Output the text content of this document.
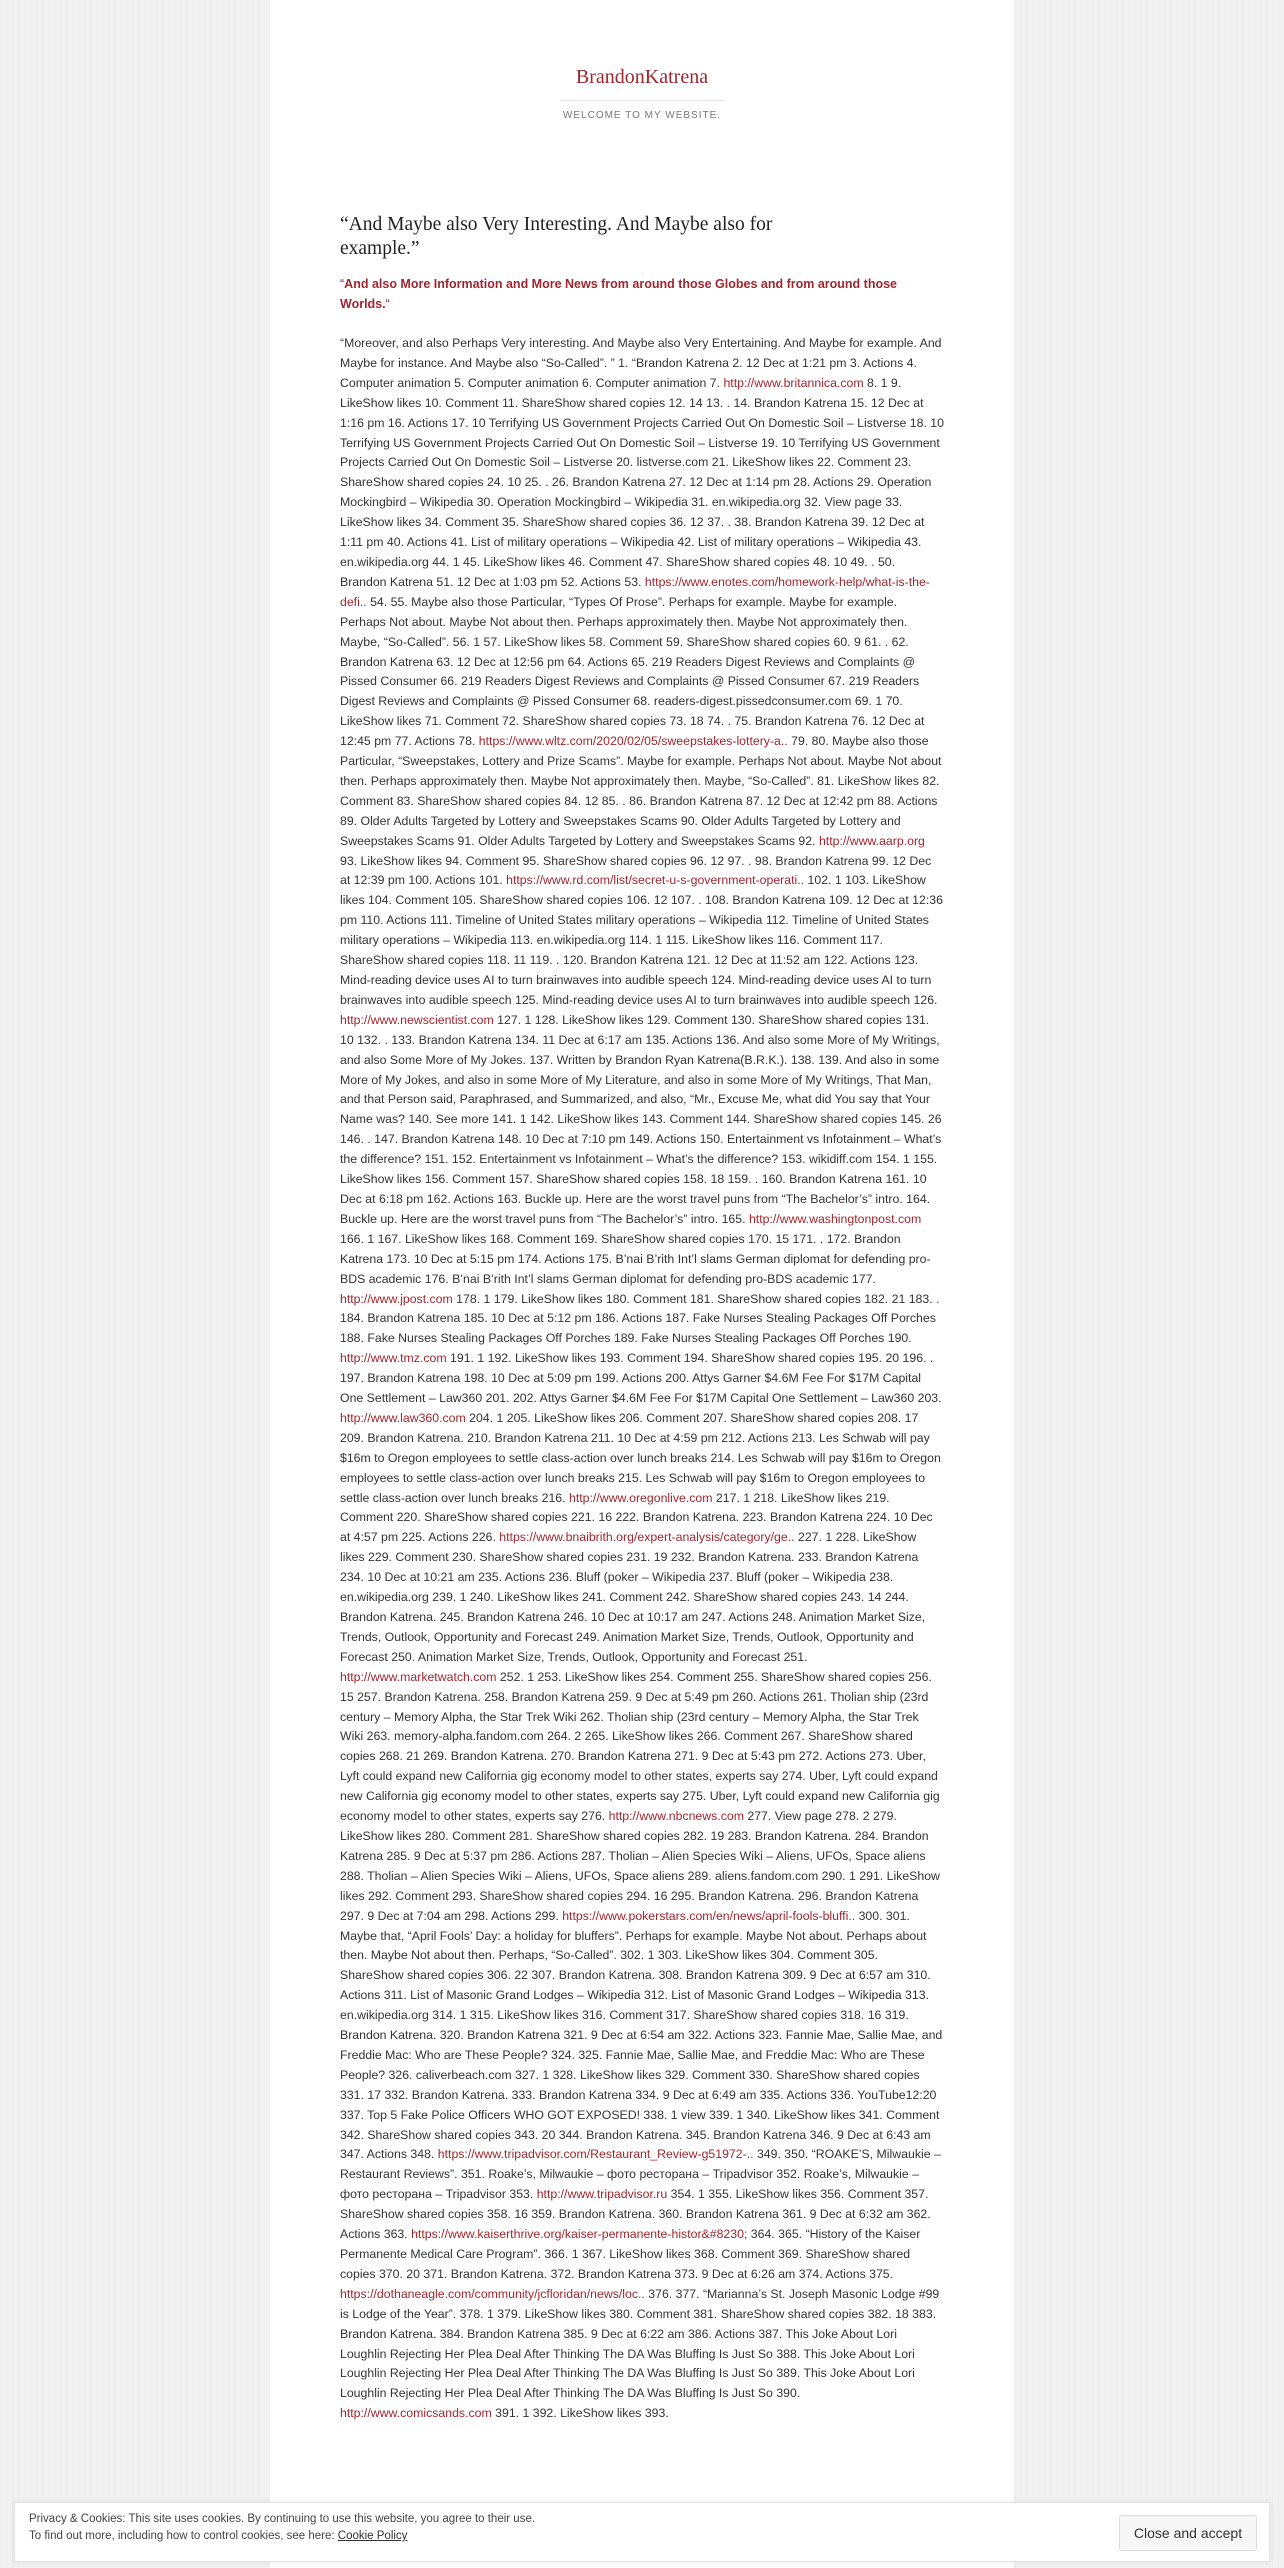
BrandonKatrena
WELCOME TO MY WEBSITE.
“And Maybe also Very Interesting. And Maybe also for example.”
“And also More Information and More News from around those Globes and from around those Worlds.“
“Moreover, and also Perhaps Very interesting. And Maybe also Very Entertaining. And Maybe for example. And Maybe for instance. And Maybe also “So-Called”. ” 1. “Brandon Katrena 2. 12 Dec at 1:21 pm 3. Actions 4. Computer animation 5. Computer animation 6. Computer animation 7. http://www.britannica.com 8. 1 9. LikeShow likes 10. Comment 11. ShareShow shared copies 12. 14 13. . 14. Brandon Katrena 15. 12 Dec at 1:16 pm 16. Actions 17. 10 Terrifying US Government Projects Carried Out On Domestic Soil – Listverse 18. 10 Terrifying US Government Projects Carried Out On Domestic Soil – Listverse 19. 10 Terrifying US Government Projects Carried Out On Domestic Soil – Listverse 20. listverse.com 21. LikeShow likes 22. Comment 23. ShareShow shared copies 24. 10 25. . 26. Brandon Katrena 27. 12 Dec at 1:14 pm 28. Actions 29. Operation Mockingbird – Wikipedia 30. Operation Mockingbird – Wikipedia 31. en.wikipedia.org 32. View page 33. LikeShow likes 34. Comment 35. ShareShow shared copies 36. 12 37. . 38. Brandon Katrena 39. 12 Dec at 1:11 pm 40. Actions 41. List of military operations – Wikipedia 42. List of military operations – Wikipedia 43. en.wikipedia.org 44. 1 45. LikeShow likes 46. Comment 47. ShareShow shared copies 48. 10 49. . 50. Brandon Katrena 51. 12 Dec at 1:03 pm 52. Actions 53. https://www.enotes.com/homework-help/what-is-the-defi.. 54. 55. Maybe also those Particular, “Types Of Prose”. Perhaps for example. Maybe for example. Perhaps Not about. Maybe Not about then. Perhaps approximately then. Maybe Not approximately then. Maybe, “So-Called”. 56. 1 57. LikeShow likes 58. Comment 59. ShareShow shared copies 60. 9 61. . 62. Brandon Katrena 63. 12 Dec at 12:56 pm 64. Actions 65. 219 Readers Digest Reviews and Complaints @ Pissed Consumer 66. 219 Readers Digest Reviews and Complaints @ Pissed Consumer 67. 219 Readers Digest Reviews and Complaints @ Pissed Consumer 68. readers-digest.pissedconsumer.com 69. 1 70. LikeShow likes 71. Comment 72. ShareShow shared copies 73. 18 74. . 75. Brandon Katrena 76. 12 Dec at 12:45 pm 77. Actions 78. https://www.wltz.com/2020/02/05/sweepstakes-lottery-a.. 79. 80. Maybe also those Particular, “Sweepstakes, Lottery and Prize Scams”. Maybe for example. Perhaps Not about. Maybe Not about then. Perhaps approximately then. Maybe Not approximately then. Maybe, “So-Called”. 81. LikeShow likes 82. Comment 83. ShareShow shared copies 84. 12 85. . 86. Brandon Katrena 87. 12 Dec at 12:42 pm 88. Actions 89. Older Adults Targeted by Lottery and Sweepstakes Scams 90. Older Adults Targeted by Lottery and Sweepstakes Scams 91. Older Adults Targeted by Lottery and Sweepstakes Scams 92. http://www.aarp.org 93. LikeShow likes 94. Comment 95. ShareShow shared copies 96. 12 97. . 98. Brandon Katrena 99. 12 Dec at 12:39 pm 100. Actions 101. https://www.rd.com/list/secret-u-s-government-operati.. 102. 1 103. LikeShow likes 104. Comment 105. ShareShow shared copies 106. 12 107. . 108. Brandon Katrena 109. 12 Dec at 12:36 pm 110. Actions 111. Timeline of United States military operations – Wikipedia 112. Timeline of United States military operations – Wikipedia 113. en.wikipedia.org 114. 1 115. LikeShow likes 116. Comment 117. ShareShow shared copies 118. 11 119. . 120. Brandon Katrena 121. 12 Dec at 11:52 am 122. Actions 123. Mind-reading device uses AI to turn brainwaves into audible speech 124. Mind-reading device uses AI to turn brainwaves into audible speech 125. Mind-reading device uses AI to turn brainwaves into audible speech 126. http://www.newscientist.com 127. 1 128. LikeShow likes 129. Comment 130. ShareShow shared copies 131. 10 132. . 133. Brandon Katrena 134. 11 Dec at 6:17 am 135. Actions 136. And also some More of My Writings, and also Some More of My Jokes. 137. Written by Brandon Ryan Katrena(B.R.K.). 138. 139. And also in some More of My Jokes, and also in some More of My Literature, and also in some More of My Writings, That Man, and that Person said, Paraphrased, and Summarized, and also, “Mr., Excuse Me, what did You say that Your Name was? 140. See more 141. 1 142. LikeShow likes 143. Comment 144. ShareShow shared copies 145. 26 146. . 147. Brandon Katrena 148. 10 Dec at 7:10 pm 149. Actions 150. Entertainment vs Infotainment – What’s the difference? 151. 152. Entertainment vs Infotainment – What’s the difference? 153. wikidiff.com 154. 1 155. LikeShow likes 156. Comment 157. ShareShow shared copies 158. 18 159. . 160. Brandon Katrena 161. 10 Dec at 6:18 pm 162. Actions 163. Buckle up. Here are the worst travel puns from “The Bachelor’s” intro. 164. Buckle up. Here are the worst travel puns from “The Bachelor’s” intro. 165. http://www.washingtonpost.com 166. 1 167. LikeShow likes 168. Comment 169. ShareShow shared copies 170. 15 171. . 172. Brandon Katrena 173. 10 Dec at 5:15 pm 174. Actions 175. B’nai B’rith Int’l slams German diplomat for defending pro-BDS academic 176. B’nai B’rith Int’l slams German diplomat for defending pro-BDS academic 177. http://www.jpost.com 178. 1 179. LikeShow likes 180. Comment 181. ShareShow shared copies 182. 21 183. . 184. Brandon Katrena 185. 10 Dec at 5:12 pm 186. Actions 187. Fake Nurses Stealing Packages Off Porches 188. Fake Nurses Stealing Packages Off Porches 189. Fake Nurses Stealing Packages Off Porches 190. http://www.tmz.com 191. 1 192. LikeShow likes 193. Comment 194. ShareShow shared copies 195. 20 196. . 197. Brandon Katrena 198. 10 Dec at 5:09 pm 199. Actions 200. Attys Garner $4.6M Fee For $17M Capital One Settlement – Law360 201. 202. Attys Garner $4.6M Fee For $17M Capital One Settlement – Law360 203. http://www.law360.com 204. 1 205. LikeShow likes 206. Comment 207. ShareShow shared copies 208. 17 209. Brandon Katrena. 210. Brandon Katrena 211. 10 Dec at 4:59 pm 212. Actions 213. Les Schwab will pay $16m to Oregon employees to settle class-action over lunch breaks 214. Les Schwab will pay $16m to Oregon employees to settle class-action over lunch breaks 215. Les Schwab will pay $16m to Oregon employees to settle class-action over lunch breaks 216. http://www.oregonlive.com 217. 1 218. LikeShow likes 219. Comment 220. ShareShow shared copies 221. 16 222. Brandon Katrena. 223. Brandon Katrena 224. 10 Dec at 4:57 pm 225. Actions 226. https://www.bnaibrith.org/expert-analysis/category/ge.. 227. 1 228. LikeShow likes 229. Comment 230. ShareShow shared copies 231. 19 232. Brandon Katrena. 233. Brandon Katrena 234. 10 Dec at 10:21 am 235. Actions 236. Bluff (poker – Wikipedia 237. Bluff (poker – Wikipedia 238. en.wikipedia.org 239. 1 240. LikeShow likes 241. Comment 242. ShareShow shared copies 243. 14 244. Brandon Katrena. 245. Brandon Katrena 246. 10 Dec at 10:17 am 247. Actions 248. Animation Market Size, Trends, Outlook, Opportunity and Forecast 249. Animation Market Size, Trends, Outlook, Opportunity and Forecast 250. Animation Market Size, Trends, Outlook, Opportunity and Forecast 251. http://www.marketwatch.com 252. 1 253. LikeShow likes 254. Comment 255. ShareShow shared copies 256. 15 257. Brandon Katrena. 258. Brandon Katrena 259. 9 Dec at 5:49 pm 260. Actions 261. Tholian ship (23rd century – Memory Alpha, the Star Trek Wiki 262. Tholian ship (23rd century – Memory Alpha, the Star Trek Wiki 263. memory-alpha.fandom.com 264. 2 265. LikeShow likes 266. Comment 267. ShareShow shared copies 268. 21 269. Brandon Katrena. 270. Brandon Katrena 271. 9 Dec at 5:43 pm 272. Actions 273. Uber, Lyft could expand new California gig economy model to other states, experts say 274. Uber, Lyft could expand new California gig economy model to other states, experts say 275. Uber, Lyft could expand new California gig economy model to other states, experts say 276. http://www.nbcnews.com 277. View page 278. 2 279. LikeShow likes 280. Comment 281. ShareShow shared copies 282. 19 283. Brandon Katrena. 284. Brandon Katrena 285. 9 Dec at 5:37 pm 286. Actions 287. Tholian – Alien Species Wiki – Aliens, UFOs, Space aliens 288. Tholian – Alien Species Wiki – Aliens, UFOs, Space aliens 289. aliens.fandom.com 290. 1 291. LikeShow likes 292. Comment 293. ShareShow shared copies 294. 16 295. Brandon Katrena. 296. Brandon Katrena 297. 9 Dec at 7:04 am 298. Actions 299. https://www.pokerstars.com/en/news/april-fools-bluffi.. 300. 301. Maybe that, “April Fools’ Day: a holiday for bluffers”. Perhaps for example. Maybe Not about. Perhaps about then. Maybe Not about then. Perhaps, “So-Called”. 302. 1 303. LikeShow likes 304. Comment 305. ShareShow shared copies 306. 22 307. Brandon Katrena. 308. Brandon Katrena 309. 9 Dec at 6:57 am 310. Actions 311. List of Masonic Grand Lodges – Wikipedia 312. List of Masonic Grand Lodges – Wikipedia 313. en.wikipedia.org 314. 1 315. LikeShow likes 316. Comment 317. ShareShow shared copies 318. 16 319. Brandon Katrena. 320. Brandon Katrena 321. 9 Dec at 6:54 am 322. Actions 323. Fannie Mae, Sallie Mae, and Freddie Mac: Who are These People? 324. 325. Fannie Mae, Sallie Mae, and Freddie Mac: Who are These People? 326. caliverbeach.com 327. 1 328. LikeShow likes 329. Comment 330. ShareShow shared copies 331. 17 332. Brandon Katrena. 333. Brandon Katrena 334. 9 Dec at 6:49 am 335. Actions 336. YouTube12:20 337. Top 5 Fake Police Officers WHO GOT EXPOSED! 338. 1 view 339. 1 340. LikeShow likes 341. Comment 342. ShareShow shared copies 343. 20 344. Brandon Katrena. 345. Brandon Katrena 346. 9 Dec at 6:43 am 347. Actions 348. https://www.tripadvisor.com/Restaurant_Review-g51972-.. 349. 350. “ROAKE’S, Milwaukie – Restaurant Reviews”. 351. Roake’s, Milwaukie – фото ресторана – Tripadvisor 352. Roake’s, Milwaukie – фото ресторана – Tripadvisor 353. http://www.tripadvisor.ru 354. 1 355. LikeShow likes 356. Comment 357. ShareShow shared copies 358. 16 359. Brandon Katrena. 360. Brandon Katrena 361. 9 Dec at 6:32 am 362. Actions 363. https://www.kaiserthrive.org/kaiser-permanente-histor&#8230; 364. 365. “History of the Kaiser Permanente Medical Care Program”. 366. 1 367. LikeShow likes 368. Comment 369. ShareShow shared copies 370. 20 371. Brandon Katrena. 372. Brandon Katrena 373. 9 Dec at 6:26 am 374. Actions 375. https://dothaneagle.com/community/jcfloridan/news/loc.. 376. 377. “Marianna’s St. Joseph Masonic Lodge #99 is Lodge of the Year”. 378. 1 379. LikeShow likes 380. Comment 381. ShareShow shared copies 382. 18 383. Brandon Katrena. 384. Brandon Katrena 385. 9 Dec at 6:22 am 386. Actions 387. This Joke About Lori Loughlin Rejecting Her Plea Deal After Thinking The DA Was Bluffing Is Just So 388. This Joke About Lori Loughlin Rejecting Her Plea Deal After Thinking The DA Was Bluffing Is Just So 389. This Joke About Lori Loughlin Rejecting Her Plea Deal After Thinking The DA Was Bluffing Is Just So 390. http://www.comicsands.com 391. 1 392. LikeShow likes 393.
Privacy & Cookies: This site uses cookies. By continuing to use this website, you agree to their use.
To find out more, including how to control cookies, see here: Cookie Policy	Close and accept
